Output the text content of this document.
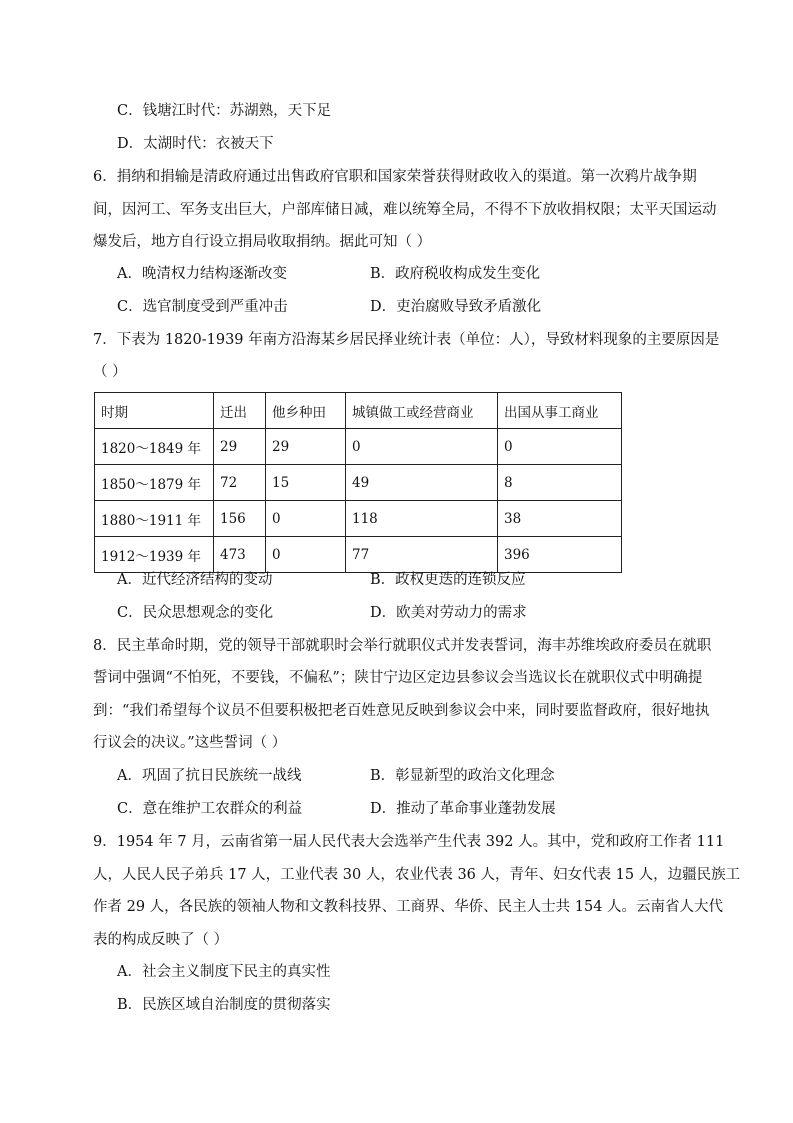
C．钱塘江时代：苏湖熟，天下足
D．太湖时代：衣被天下
6．捐纳和捐输是清政府通过出售政府官职和国家荣誉获得财政收入的渠道。第一次鸦片战争期
间，因河工、军务支出巨大，户部库储日减，难以统筹全局，不得不下放收捐权限；太平天国运动
爆发后，地方自行设立捐局收取捐纳。据此可知（ ）
A．晚清权力结构逐渐改变	B．政府税收构成发生变化
C．选官制度受到严重冲击	D．吏治腐败导致矛盾激化
7．下表为 1820-1939 年南方沿海某乡居民择业统计表（单位：人），导致材料现象的主要原因是
（ ）
时期	迁出	他乡种田	城镇做工或经营商业	出国从事工商业
1820～1849 年	29	29	0	0
1850～1879 年	72	15	49	8
1880～1911 年	156	0	118	38
1912～1939 年	473	0	77	396
A．近代经济结构的变动	B．政权更迭的连锁反应
C．民众思想观念的变化	D．欧美对劳动力的需求
8．民主革命时期，党的领导干部就职时会举行就职仪式并发表誓词，海丰苏维埃政府委员在就职
誓词中强调“不怕死，不要钱，不偏私”；陕甘宁边区定边县参议会当选议长在就职仪式中明确提
到：“我们希望每个议员不但要积极把老百姓意见反映到参议会中来，同时要监督政府，很好地执
行议会的决议。”这些誓词（ ）
A．巩固了抗日民族统一战线	B．彰显新型的政治文化理念
C．意在维护工农群众的利益	D．推动了革命事业蓬勃发展
9．1954 年 7 月，云南省第一届人民代表大会选举产生代表 392 人。其中，党和政府工作者 111
人，人民人民子弟兵 17 人，工业代表 30 人，农业代表 36 人，青年、妇女代表 15 人，边疆民族工
作者 29 人，各民族的领袖人物和文教科技界、工商界、华侨、民主人士共 154 人。云南省人大代
表的构成反映了（ ）
A．社会主义制度下民主的真实性
B．民族区域自治制度的贯彻落实
